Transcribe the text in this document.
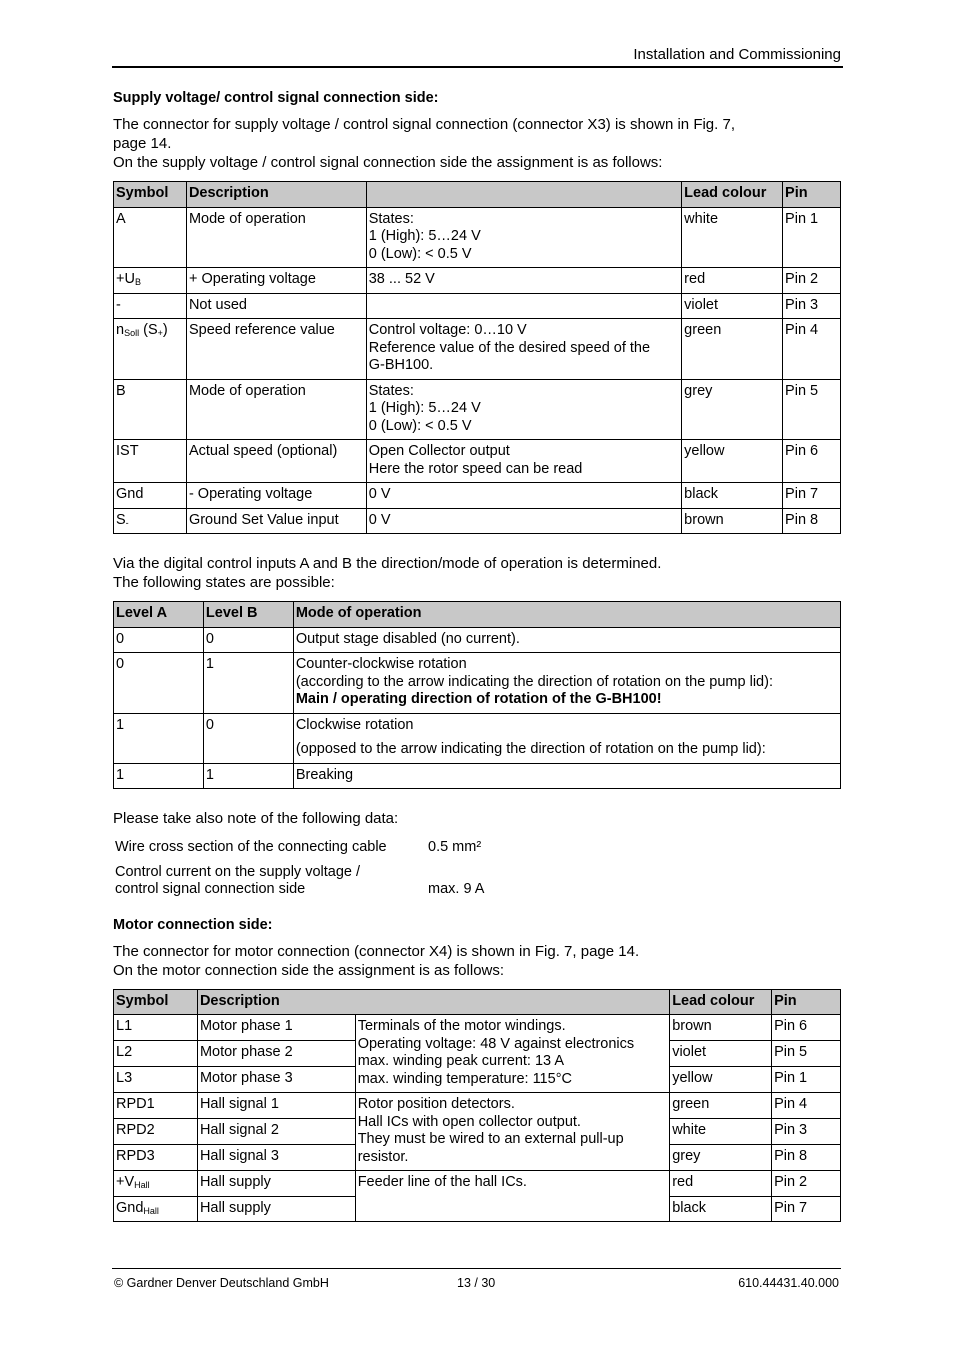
Installation and Commissioning
Supply voltage/ control signal connection side:

The connector for supply voltage / control signal connection (connector X3) is shown in Fig. 7,

page 14.

On the supply voltage / control signal connection side the assignment is as follows:

Symbol	Description		Lead colour	Pin
A	Mode of operation	States:
1 (High): 5…24 V
0 (Low): < 0.5 V	white	Pin 1
$+U_B$	+ Operating voltage	38 ... 52 V	red	Pin 2
-	Not used		violet	Pin 3
$n_{Soll}$ $(S_+)$	Speed reference value	Control voltage: 0…10 V
Reference value of the desired speed of the
G-BH100.	green	Pin 4
B	Mode of operation	States:
1 (High): 5…24 V
0 (Low): < 0.5 V	grey	Pin 5
IST	Actual speed (optional)	Open Collector output
Here the rotor speed can be read	yellow	Pin 6
Gnd	- Operating voltage	0 V	black	Pin 7
$S_-$	Ground Set Value input	0 V	brown	Pin 8

Via the digital control inputs A and B the direction/mode of operation is determined.

The following states are possible:

Level A	Level B	Mode of operation
0	0	Output stage disabled (no current).

0	1	Counter-clockwise rotation
(according to the arrow indicating the direction of rotation on the pump lid):
Main / operating direction of rotation of the G-BH100!

1	0	Clockwise rotation
(opposed to the arrow indicating the direction of rotation on the pump lid):

1	1	Breaking

Please take also note of the following data:

Wire cross section of the connecting cable	0.5 mm²

Control current on the supply voltage /
control signal connection side	max. 9 A
Motor connection side:

The connector for motor connection (connector X4) is shown in Fig. 7, page 14.

On the motor connection side the assignment is as follows:

Symbol	Description		Lead colour	Pin
L1	Motor phase 1	Terminals of the motor windings.
Operating voltage: 48 V against electronics
max. winding peak current: 13 A
max. winding temperature: 115°C	brown	Pin 6
L2	Motor phase 2		violet	Pin 5
L3	Motor phase 3		yellow	Pin 1
RPD1	Hall signal 1	Rotor position detectors.
Hall ICs with open collector output.
They must be wired to an external pull-up
resistor.	green	Pin 4
RPD2	Hall signal 2		white	Pin 3
RPD3	Hall signal 3		grey	Pin 8
$+V_{Hall}$	Hall supply	Feeder line of the hall ICs.	red	Pin 2
Gnd$_{Hall}$	Hall supply		black	Pin 7
© Gardner Denver Deutschland GmbH	13 / 30	610.44431.40.000
